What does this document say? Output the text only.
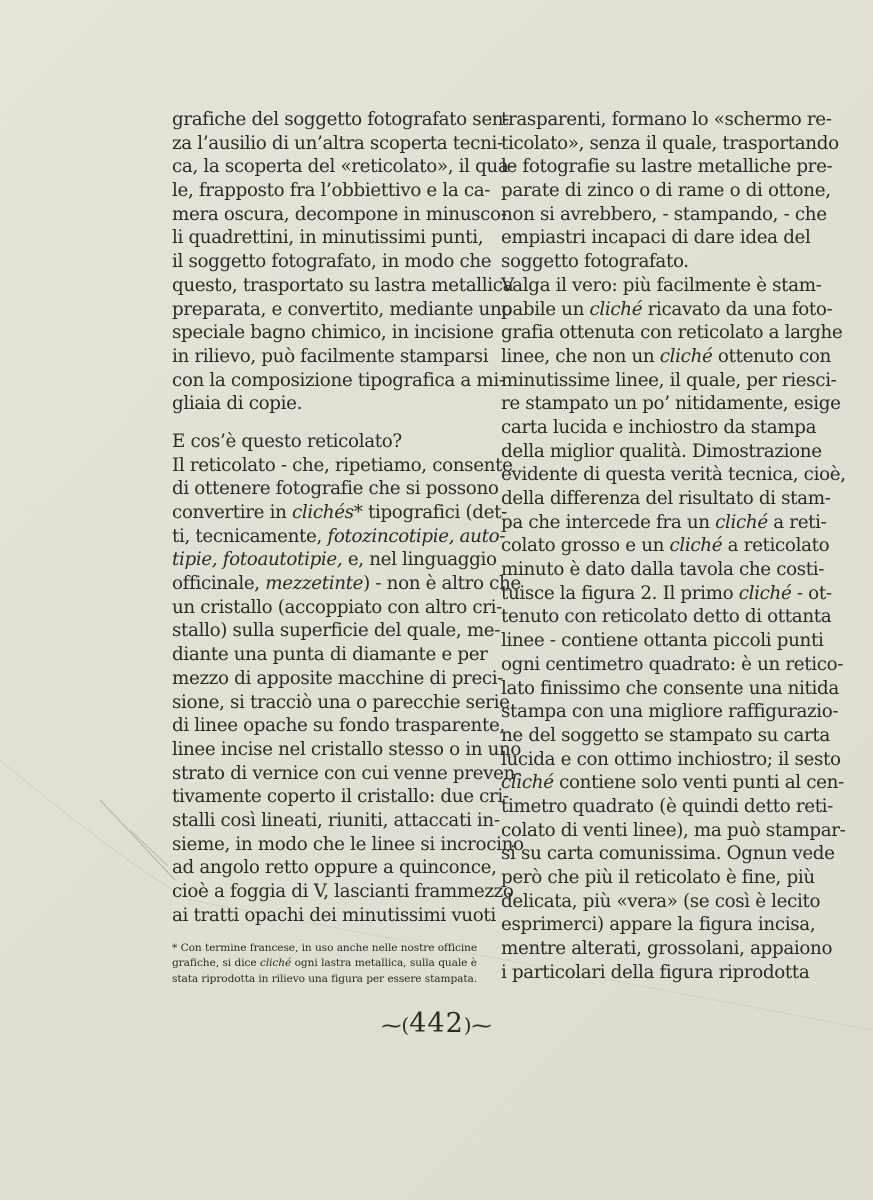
grafiche del soggetto fotografato sen-
za l’ausilio di un’altra scoperta tecni-
ca, la scoperta del «reticolato», il qua-
le, frapposto fra l’obbiettivo e la ca-
mera oscura, decompone in minusco-
li quadrettini, in minutissimi punti,
il soggetto fotografato, in modo che
questo, trasportato su lastra metallica
preparata, e convertito, mediante uno
speciale bagno chimico, in incisione
in rilievo, può facilmente stamparsi
con la composizione tipografica a mi-
gliaia di copie.
E cos’è questo reticolato?
Il reticolato - che, ripetiamo, consente
di ottenere fotografie che si possono
convertire in clichés* tipografici (det-
ti, tecnicamente, fotozincotipie, auto-
tipie, fotoautotipie, e, nel linguaggio
officinale, mezzetinte) - non è altro che
un cristallo (accoppiato con altro cri-
stallo) sulla superficie del quale, me-
diante una punta di diamante e per
mezzo di apposite macchine di preci-
sione, si tracciò una o parecchie serie
di linee opache su fondo trasparente,
linee incise nel cristallo stesso o in uno
strato di vernice con cui venne preven-
tivamente coperto il cristallo: due cri-
stalli così lineati, riuniti, attaccati in-
sieme, in modo che le linee si incrocino
ad angolo retto oppure a quinconce,
cioè a foggia di V, lascianti frammezzo
ai tratti opachi dei minutissimi vuoti
* Con termine francese, in uso anche nelle nostre officine
grafiche, si dice cliché ogni lastra metallica, sulla quale è
stata riprodotta in rilievo una figura per essere stampata.
trasparenti, formano lo «schermo re-
ticolato», senza il quale, trasportando
le fotografie su lastre metalliche pre-
parate di zinco o di rame o di ottone,
non si avrebbero, - stampando, - che
empiastri incapaci di dare idea del
soggetto fotografato.
Valga il vero: più facilmente è stam-
pabile un cliché ricavato da una foto-
grafia ottenuta con reticolato a larghe
linee, che non un cliché ottenuto con
minutissime linee, il quale, per riesci-
re stampato un po’ nitidamente, esige
carta lucida e inchiostro da stampa
della miglior qualità. Dimostrazione
evidente di questa verità tecnica, cioè,
della differenza del risultato di stam-
pa che intercede fra un cliché a reti-
colato grosso e un cliché a reticolato
minuto è dato dalla tavola che costi-
tuisce la figura 2. Il primo cliché - ot-
tenuto con reticolato detto di ottanta
linee - contiene ottanta piccoli punti
ogni centimetro quadrato: è un retico-
lato finissimo che consente una nitida
stampa con una migliore raffigurazio-
ne del soggetto se stampato su carta
lucida e con ottimo inchiostro; il sesto
cliché contiene solo venti punti al cen-
timetro quadrato (è quindi detto reti-
colato di venti linee), ma può stampar-
si su carta comunissima. Ognun vede
però che più il reticolato è fine, più
delicata, più «vera» (se così è lecito
esprimerci) appare la figura incisa,
mentre alterati, grossolani, appaiono
i particolari della figura riprodotta
⁓(442)⁓
